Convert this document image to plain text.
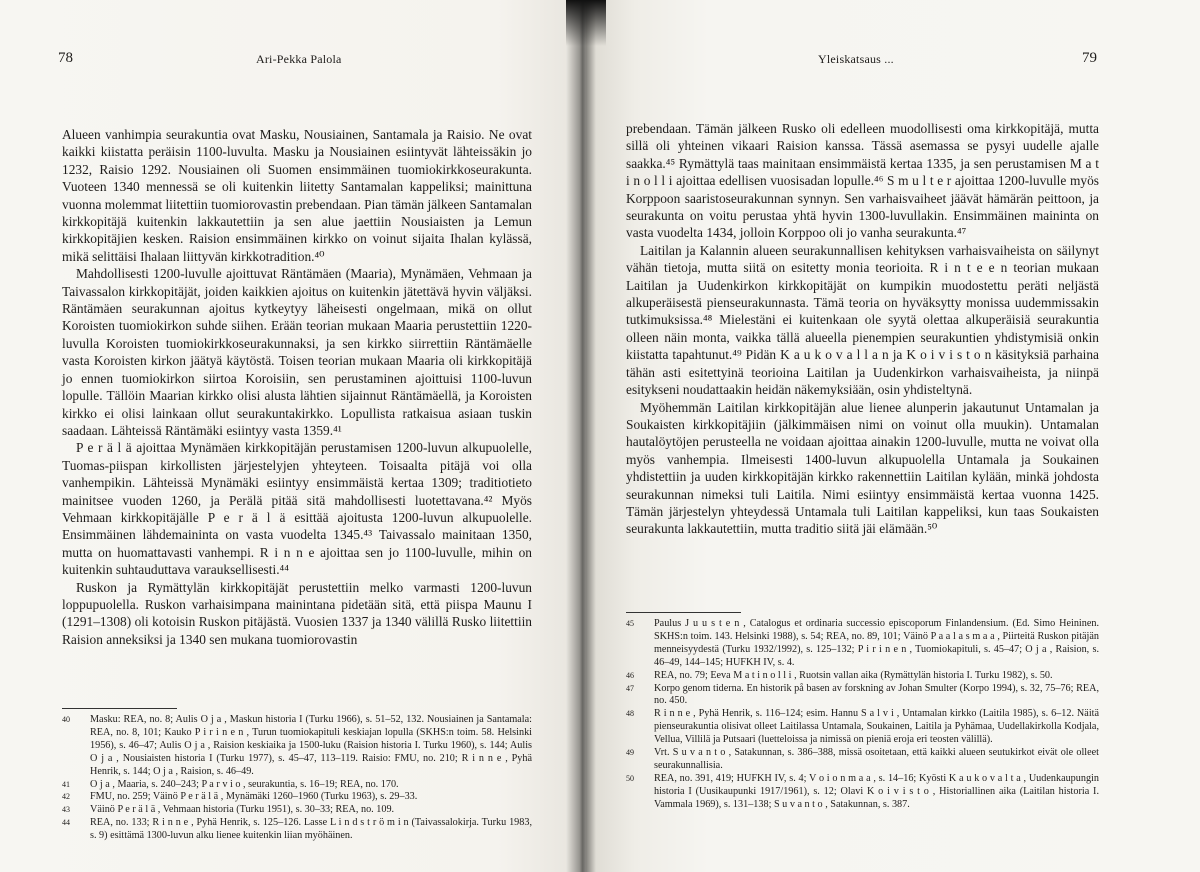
78	Ari-Pekka Palola

Alueen vanhimpia seurakuntia ovat Masku, Nousiainen, Santamala ja Raisio. Ne ovat kaikki kiistatta peräisin 1100-luvulta. Masku ja Nousiainen esiintyvät lähteissäkin jo 1232, Raisio 1292. Nousiainen oli Suomen ensimmäinen tuomiokirkkoseurakunta. Vuoteen 1340 mennessä se oli kuitenkin liitetty Santamalan kappeliksi; mainittuna vuonna molemmat liitettiin tuomiorovastin prebendaan. Pian tämän jälkeen Santamalan kirkkopitäjä kuitenkin lakkautettiin ja sen alue jaettiin Nousiaisten ja Lemun kirkkopitäjien kesken. Raision ensimmäinen kirkko on voinut sijaita Ihalan kylässä, mikä selittäisi Ihalaan liittyvän kirkkotradition.⁴⁰

Mahdollisesti 1200-luvulle ajoittuvat Räntämäen (Maaria), Mynämäen, Vehmaan ja Taivassalon kirkkopitäjät, joiden kaikkien ajoitus on kuitenkin jätettävä hyvin väljäksi. Räntämäen seurakunnan ajoitus kytkeytyy läheisesti ongelmaan, mikä on ollut Koroisten tuomiokirkon suhde siihen. Erään teorian mukaan Maaria perustettiin 1220-luvulla Koroisten tuomiokirkkoseurakunnaksi, ja sen kirkko siirrettiin Räntämäelle vasta Koroisten kirkon jäätyä käytöstä. Toisen teorian mukaan Maaria oli kirkkopitäjä jo ennen tuomiokirkon siirtoa Koroisiin, sen perustaminen ajoittuisi 1100-luvun lopulle. Tällöin Maarian kirkko olisi alusta lähtien sijainnut Räntämäellä, ja Koroisten kirkko ei olisi lainkaan ollut seurakuntakirkko. Lopullista ratkaisua asiaan tuskin saadaan. Lähteissä Räntämäki esiintyy vasta 1359.⁴¹

P e r ä l ä ajoittaa Mynämäen kirkkopitäjän perustamisen 1200-luvun alkupuolelle, Tuomas-piispan kirkollisten järjestelyjen yhteyteen. Toisaalta pitäjä voi olla vanhempikin. Lähteissä Mynämäki esiintyy ensimmäistä kertaa 1309; traditiotieto mainitsee vuoden 1260, ja Perälä pitää sitä mahdollisesti luotettavana.⁴² Myös Vehmaan kirkkopitäjälle P e r ä l ä esittää ajoitusta 1200-luvun alkupuolelle. Ensimmäinen lähdemaininta on vasta vuodelta 1345.⁴³ Taivassalo mainitaan 1350, mutta on huomattavasti vanhempi. R i n n e ajoittaa sen jo 1100-luvulle, mihin on kuitenkin suhtauduttava varauksellisesti.⁴⁴

Ruskon ja Rymättylän kirkkopitäjät perustettiin melko varmasti 1200-luvun loppupuolella. Ruskon varhaisimpana mainintana pidetään sitä, että piispa Maunu I (1291–1308) oli kotoisin Ruskon pitäjästä. Vuosien 1337 ja 1340 välillä Rusko liitettiin Raision anneksiksi ja 1340 sen mukana tuomiorovastin

40	Masku: REA, no. 8; Aulis O j a , Maskun historia I (Turku 1966), s. 51–52, 132. Nousiainen ja Santamala: REA, no. 8, 101; Kauko P i r i n e n , Turun tuomiokapituli keskiajan lopulla (SKHS:n toim. 58. Helsinki 1956), s. 46–47; Aulis O j a , Raision keskiaika ja 1500-luku (Raision historia I. Turku 1960), s. 144; Aulis O j a , Nousiaisten historia I (Turku 1977), s. 45–47, 113–119. Raisio: FMU, no. 210; R i n n e , Pyhä Henrik, s. 144; O j a , Raision, s. 46–49.
41	O j a , Maaria, s. 240–243; P a r v i o , seurakuntia, s. 16–19; REA, no. 170.
42	FMU, no. 259; Väinö P e r ä l ä , Mynämäki 1260–1960 (Turku 1963), s. 29–33.
43	Väinö P e r ä l ä , Vehmaan historia (Turku 1951), s. 30–33; REA, no. 109.
44	REA, no. 133; R i n n e , Pyhä Henrik, s. 125–126. Lasse L i n d s t r ö m i n (Taivassalokirja. Turku 1983, s. 9) esittämä 1300-luvun alku lienee kuitenkin liian myöhäinen.
Yleiskatsaus ...	79

prebendaan. Tämän jälkeen Rusko oli edelleen muodollisesti oma kirkkopitäjä, mutta sillä oli yhteinen vikaari Raision kanssa. Tässä asemassa se pysyi uudelle ajalle saakka.⁴⁵ Rymättylä taas mainitaan ensimmäistä kertaa 1335, ja sen perustamisen M a t i n o l l i ajoittaa edellisen vuosisadan lopulle.⁴⁶ S m u l t e r ajoittaa 1200-luvulle myös Korppoon saaristoseurakunnan synnyn. Sen varhaisvaiheet jäävät hämärän peittoon, ja seurakunta on voitu perustaa yhtä hyvin 1300-luvullakin. Ensimmäinen maininta on vasta vuodelta 1434, jolloin Korppoo oli jo vanha seurakunta.⁴⁷

Laitilan ja Kalannin alueen seurakunnallisen kehityksen varhaisvaiheista on säilynyt vähän tietoja, mutta siitä on esitetty monia teorioita. R i n t e e n teorian mukaan Laitilan ja Uudenkirkon kirkkopitäjät on kumpikin muodostettu peräti neljästä alkuperäisestä pienseurakunnasta. Tämä teoria on hyväksytty monissa uudemmissakin tutkimuksissa.⁴⁸ Mielestäni ei kuitenkaan ole syytä olettaa alkuperäisiä seurakuntia olleen näin monta, vaikka tällä alueella pienempien seurakuntien yhdistymisiä onkin kiistatta tapahtunut.⁴⁹ Pidän K a u k o v a l l a n ja K o i v i s t o n käsityksiä parhaina tähän asti esitettyinä teorioina Laitilan ja Uudenkirkon varhaisvaiheista, ja niinpä esitykseni noudattaakin heidän näkemyksiään, osin yhdisteltynä.

Myöhemmän Laitilan kirkkopitäjän alue lienee alunperin jakautunut Untamalan ja Soukaisten kirkkopitäjiin (jälkimmäisen nimi on voinut olla muukin). Untamalan hautalöytöjen perusteella ne voidaan ajoittaa ainakin 1200-luvulle, mutta ne voivat olla myös vanhempia. Ilmeisesti 1400-luvun alkupuolella Untamala ja Soukainen yhdistettiin ja uuden kirkkopitäjän kirkko rakennettiin Laitilan kylään, minkä johdosta seurakunnan nimeksi tuli Laitila. Nimi esiintyy ensimmäistä kertaa vuonna 1425. Tämän järjestelyn yhteydessä Untamala tuli Laitilan kappeliksi, kun taas Soukaisten seurakunta lakkautettiin, mutta traditio siitä jäi elämään.⁵⁰

45	Paulus J u u s t e n , Catalogus et ordinaria successio episcoporum Finlandensium. (Ed. Simo Heininen. SKHS:n toim. 143. Helsinki 1988), s. 54; REA, no. 89, 101; Väinö P a a l a s m a a , Piirteitä Ruskon pitäjän menneisyydestä (Turku 1932/1992), s. 125–132; P i r i n e n , Tuomiokapituli, s. 45–47; O j a , Raision, s. 46–49, 144–145; HUFKH IV, s. 4.
46	REA, no. 79; Eeva M a t i n o l l i , Ruotsin vallan aika (Rymättylän historia I. Turku 1982), s. 50.
47	Korpo genom tiderna. En historik på basen av forskning av Johan Smulter (Korpo 1994), s. 32, 75–76; REA, no. 450.
48	R i n n e , Pyhä Henrik, s. 116–124; esim. Hannu S a l v i , Untamalan kirkko (Laitila 1985), s. 6–12. Näitä pienseurakuntia olisivat olleet Laitilassa Untamala, Soukainen, Laitila ja Pyhämaa, Uudellakirkolla Kodjala, Vellua, Villilä ja Putsaari (luetteloissa ja nimissä on pieniä eroja eri teosten välillä).
49	Vrt. S u v a n t o , Satakunnan, s. 386–388, missä osoitetaan, että kaikki alueen seutukirkot eivät ole olleet seurakunnallisia.
50	REA, no. 391, 419; HUFKH IV, s. 4; V o i o n m a a , s. 14–16; Kyösti K a u k o v a l t a , Uudenkaupungin historia I (Uusikaupunki 1917/1961), s. 12; Olavi K o i v i s t o , Historiallinen aika (Laitilan historia I. Vammala 1969), s. 131–138; S u v a n t o , Satakunnan, s. 387.
